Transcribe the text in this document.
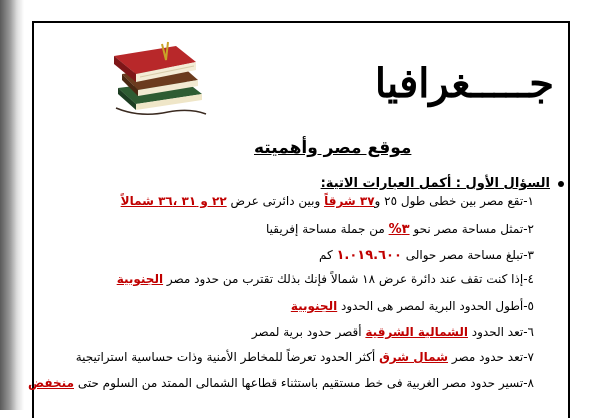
جـــــغرافيا
موقع مصر وأهميته
السؤال الأول : أكمل العبارات الاتية:
١-تقع مصر بين خطى طول ٢٥ و٣٧ شرقاً وبين دائرتى عرض ٢٢ و ٣١ ،٣٦ شمالاً
٢-تمثل مساحة مصر نحو ٣% من جملة مساحة إفريقيا
٣-تبلغ مساحة مصر حوالى ١.٠١٩.٦٠٠ كم
٤-إذا كنت تقف عند دائرة عرض ١٨ شمالاً فإنك بذلك تقترب من حدود مصر الجنوبية
٥-أطول الحدود البرية لمصر هى الحدود الجنوبية
٦-تعد الحدود الشمالية الشرقية أقصر حدود برية لمصر
٧-تعد حدود مصر شمال شرق أكثر الحدود تعرضاً للمخاطر الأمنية وذات حساسية استراتيجية
٨-تسير حدود مصر الغربية فى خط مستقيم باستثناء قطاعها الشمالى الممتد من السلوم حتى منخفض
